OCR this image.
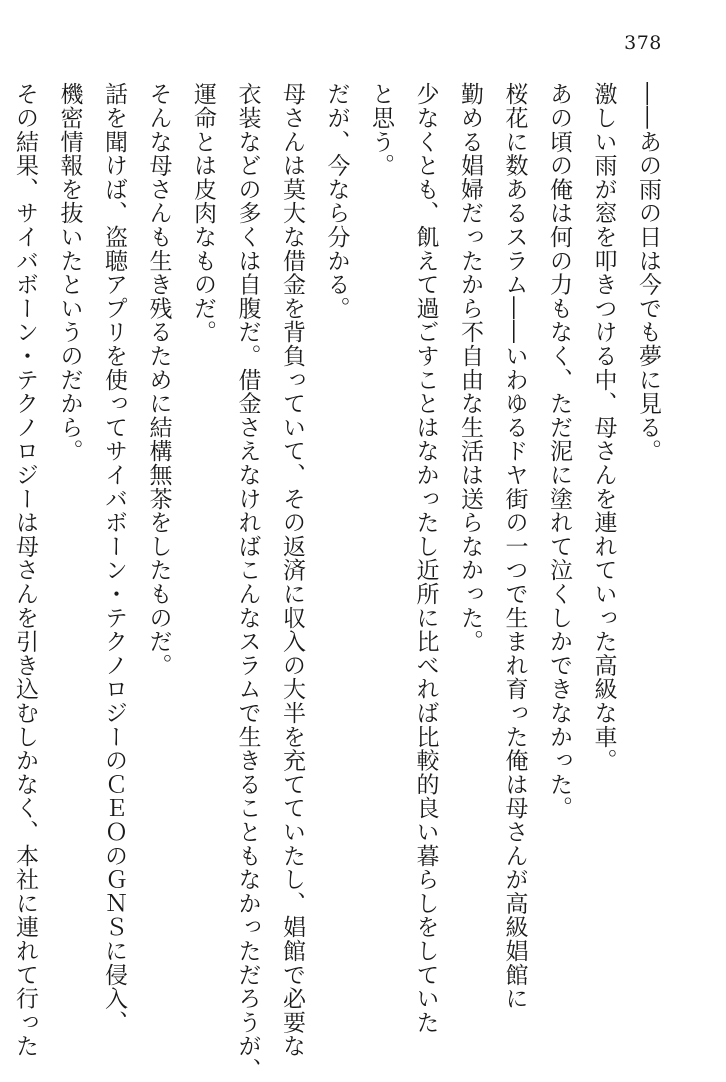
378

――あの雨の日は今でも夢に見る。

激しい雨が窓を叩きつける中、母さんを連れていった高級な車。

あの頃の俺は何の力もなく、ただ泥に塗れて泣くしかできなかった。

桜花に数あるスラム――いわゆるドヤ街の一つで生まれ育った俺は母さんが高級娼館に

勤める娼婦だったから不自由な生活は送らなかった。

少なくとも、飢えて過ごすことはなかったし近所に比べれば比較的良い暮らしをしていた

と思う。

だが、今なら分かる。

母さんは莫大な借金を背負っていて、その返済に収入の大半を充てていたし、娼館で必要な

衣装などの多くは自腹だ。借金さえなければこんなスラムで生きることもなかっただろうが、

運命とは皮肉なものだ。

そんな母さんも生き残るために結構無茶をしたものだ。

話を聞けば、盗聴アプリを使ってサイバボーン・テクノロジーのＣＥＯのＧＮＳに侵入、

機密情報を抜いたというのだから。

その結果、サイバボーン・テクノロジーは母さんを引き込むしかなく、本社に連れて行った
